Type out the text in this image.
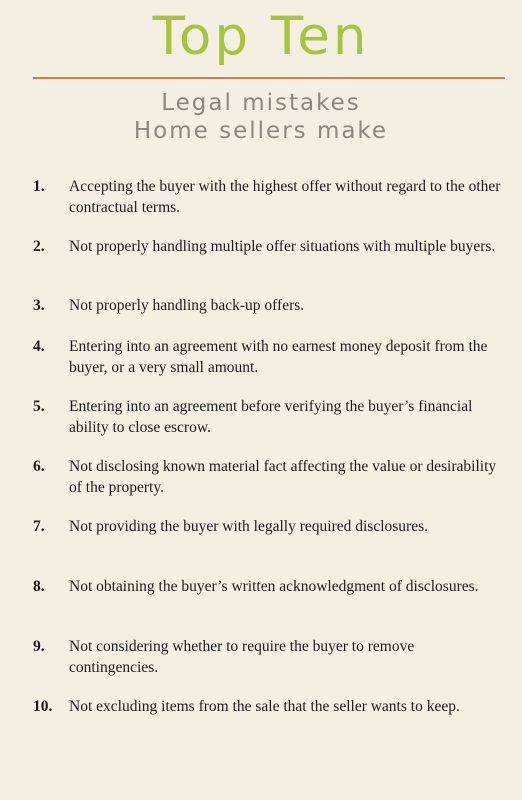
Top Ten
Legal mistakes
Home sellers make
1. Accepting the buyer with the highest offer without regard to the other contractual terms.
2. Not properly handling multiple offer situations with multiple buyers.
3. Not properly handling back-up offers.
4. Entering into an agreement with no earnest money deposit from the buyer, or a very small amount.
5. Entering into an agreement before verifying the buyer’s financial ability to close escrow.
6. Not disclosing known material fact affecting the value or desirability of the property.
7. Not providing the buyer with legally required disclosures.
8. Not obtaining the buyer’s written acknowledgment of disclosures.
9. Not considering whether to require the buyer to remove contingencies.
10. Not excluding items from the sale that the seller wants to keep.
